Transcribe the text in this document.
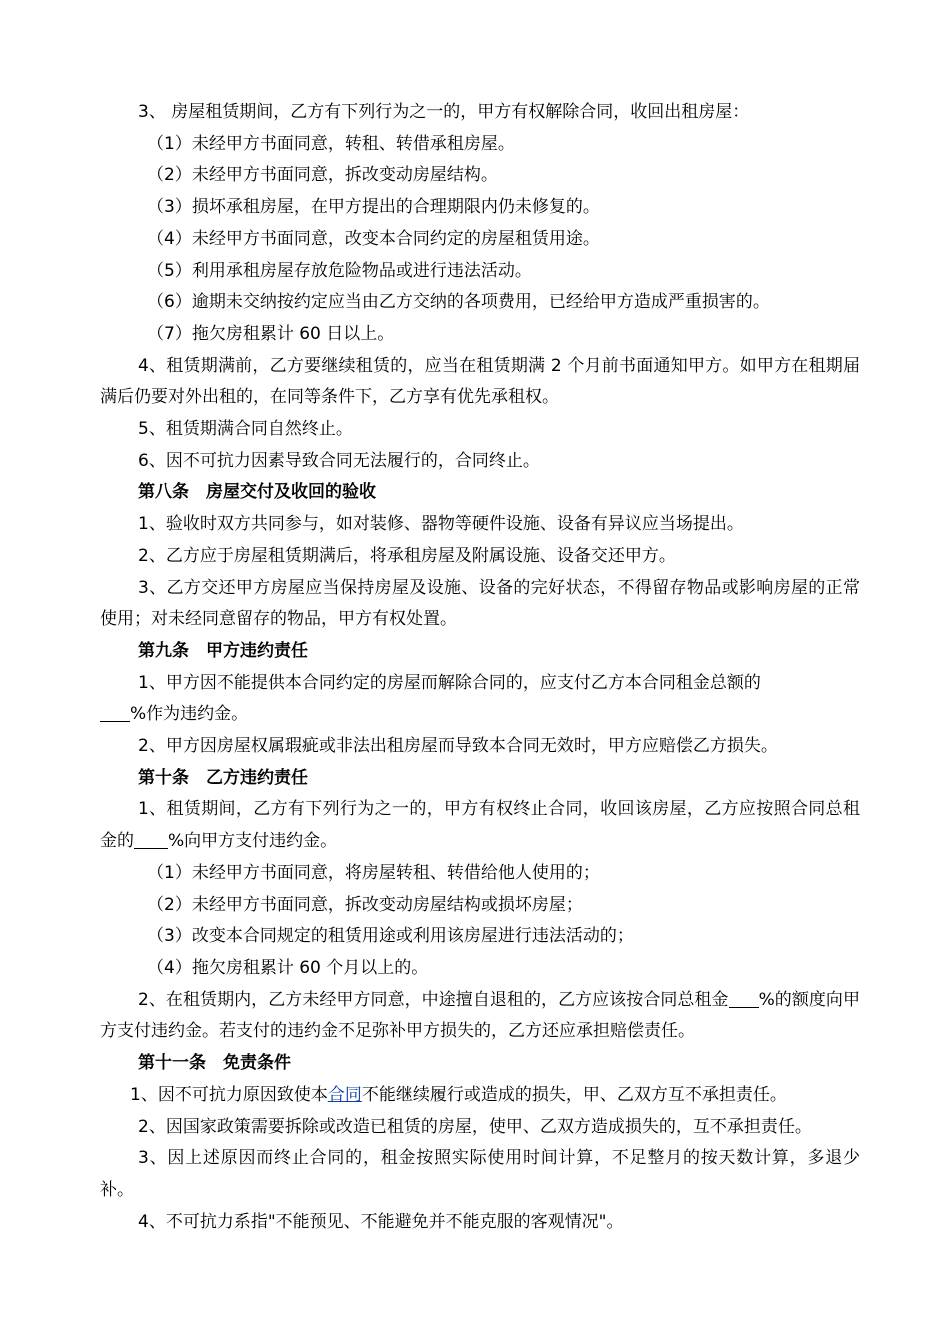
3、 房屋租赁期间，乙方有下列行为之一的，甲方有权解除合同，收回出租房屋：

（1）未经甲方书面同意，转租、转借承租房屋。

（2）未经甲方书面同意，拆改变动房屋结构。

（3）损坏承租房屋，在甲方提出的合理期限内仍未修复的。

（4）未经甲方书面同意，改变本合同约定的房屋租赁用途。

（5）利用承租房屋存放危险物品或进行违法活动。

（6）逾期未交纳按约定应当由乙方交纳的各项费用，已经给甲方造成严重损害的。

（7）拖欠房租累计 60 日以上。

4、租赁期满前，乙方要继续租赁的，应当在租赁期满 2 个月前书面通知甲方。如甲方在租期届满后仍要对外出租的，在同等条件下，乙方享有优先承租权。

5、租赁期满合同自然终止。

6、因不可抗力因素导致合同无法履行的，合同终止。

第八条　房屋交付及收回的验收

1、验收时双方共同参与，如对装修、器物等硬件设施、设备有异议应当场提出。

2、乙方应于房屋租赁期满后，将承租房屋及附属设施、设备交还甲方。

3、乙方交还甲方房屋应当保持房屋及设施、设备的完好状态，不得留存物品或影响房屋的正常使用；对未经同意留存的物品，甲方有权处置。

第九条　甲方违约责任

1、甲方因不能提供本合同约定的房屋而解除合同的，应支付乙方本合同租金总额的
%作为违约金。

2、甲方因房屋权属瑕疵或非法出租房屋而导致本合同无效时，甲方应赔偿乙方损失。

第十条　乙方违约责任

1、租赁期间，乙方有下列行为之一的，甲方有权终止合同，收回该房屋，乙方应按照合同总租金的 %向甲方支付违约金。

（1）未经甲方书面同意，将房屋转租、转借给他人使用的；

（2）未经甲方书面同意，拆改变动房屋结构或损坏房屋；

（3）改变本合同规定的租赁用途或利用该房屋进行违法活动的；

（4）拖欠房租累计 60 个月以上的。

2、在租赁期内，乙方未经甲方同意，中途擅自退租的，乙方应该按合同总租金 %的额度向甲方支付违约金。若支付的违约金不足弥补甲方损失的，乙方还应承担赔偿责任。

第十一条　免责条件

1、因不可抗力原因致使本合同不能继续履行或造成的损失，甲、乙双方互不承担责任。

2、因国家政策需要拆除或改造已租赁的房屋，使甲、乙双方造成损失的，互不承担责任。

3、因上述原因而终止合同的，租金按照实际使用时间计算，不足整月的按天数计算，多退少补。

4、不可抗力系指"不能预见、不能避免并不能克服的客观情况"。
